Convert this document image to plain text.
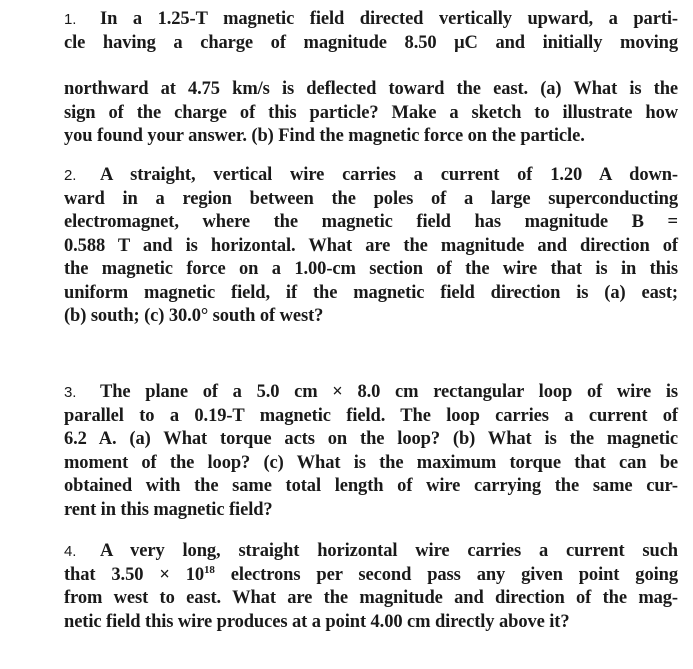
1. In a 1.25-T magnetic field directed vertically upward, a parti-
cle having a charge of magnitude 8.50 μC and initially moving
northward at 4.75 km/s is deflected toward the east. (a) What is the
sign of the charge of this particle? Make a sketch to illustrate how
you found your answer. (b) Find the magnetic force on the particle.
2. A straight, vertical wire carries a current of 1.20 A down-
ward in a region between the poles of a large superconducting
electromagnet, where the magnetic field has magnitude B =
0.588 T and is horizontal. What are the magnitude and direction of
the magnetic force on a 1.00-cm section of the wire that is in this
uniform magnetic field, if the magnetic field direction is (a) east;
(b) south; (c) 30.0° south of west?
3. The plane of a 5.0 cm × 8.0 cm rectangular loop of wire is
parallel to a 0.19-T magnetic field. The loop carries a current of
6.2 A. (a) What torque acts on the loop? (b) What is the magnetic
moment of the loop? (c) What is the maximum torque that can be
obtained with the same total length of wire carrying the same cur-
rent in this magnetic field?
4. A very long, straight horizontal wire carries a current such
that $3.50 \times 10^{18}$ electrons per second pass any given point going
from west to east. What are the magnitude and direction of the mag-
netic field this wire produces at a point 4.00 cm directly above it?
